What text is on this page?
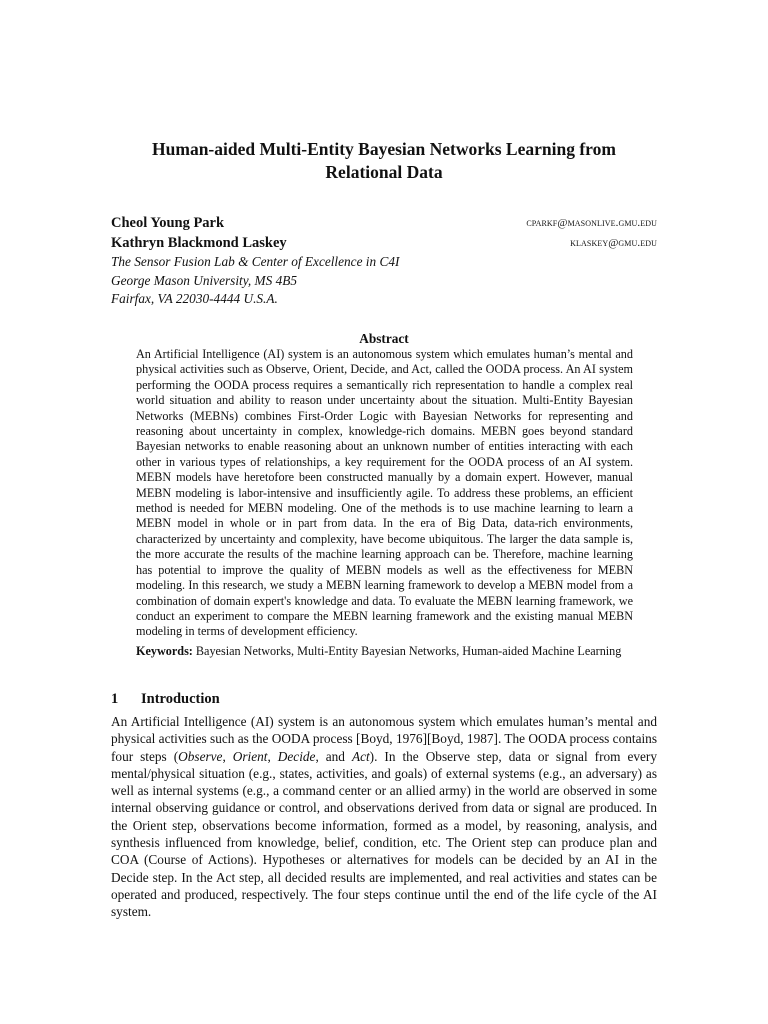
Human-aided Multi-Entity Bayesian Networks Learning from
Relational Data
Cheol Young Park	cparkf@masonlive.gmu.edu
Kathryn Blackmond Laskey	klaskey@gmu.edu
The Sensor Fusion Lab & Center of Excellence in C4I
George Mason University, MS 4B5
Fairfax, VA 22030-4444 U.S.A.
Abstract
An Artificial Intelligence (AI) system is an autonomous system which emulates human’s mental and physical activities such as Observe, Orient, Decide, and Act, called the OODA process. An AI system performing the OODA process requires a semantically rich representation to handle a complex real world situation and ability to reason under uncertainty about the situation. Multi-Entity Bayesian Networks (MEBNs) combines First-Order Logic with Bayesian Networks for representing and reasoning about uncertainty in complex, knowledge-rich domains. MEBN goes beyond standard Bayesian networks to enable reasoning about an unknown number of entities interacting with each other in various types of relationships, a key requirement for the OODA process of an AI system. MEBN models have heretofore been constructed manually by a domain expert. However, manual MEBN modeling is labor-intensive and insufficiently agile. To address these problems, an efficient method is needed for MEBN modeling. One of the methods is to use machine learning to learn a MEBN model in whole or in part from data. In the era of Big Data, data-rich environments, characterized by uncertainty and complexity, have become ubiquitous. The larger the data sample is, the more accurate the results of the machine learning approach can be. Therefore, machine learning has potential to improve the quality of MEBN models as well as the effectiveness for MEBN modeling. In this research, we study a MEBN learning framework to develop a MEBN model from a combination of domain expert's knowledge and data. To evaluate the MEBN learning framework, we conduct an experiment to compare the MEBN learning framework and the existing manual MEBN modeling in terms of development efficiency.
Keywords: Bayesian Networks, Multi-Entity Bayesian Networks, Human-aided Machine Learning
1 Introduction
An Artificial Intelligence (AI) system is an autonomous system which emulates human’s mental and physical activities such as the OODA process [Boyd, 1976][Boyd, 1987]. The OODA process contains four steps (Observe, Orient, Decide, and Act). In the Observe step, data or signal from every mental/physical situation (e.g., states, activities, and goals) of external systems (e.g., an adversary) as well as internal systems (e.g., a command center or an allied army) in the world are observed in some internal observing guidance or control, and observations derived from data or signal are produced. In the Orient step, observations become information, formed as a model, by reasoning, analysis, and synthesis influenced from knowledge, belief, condition, etc. The Orient step can produce plan and COA (Course of Actions). Hypotheses or alternatives for models can be decided by an AI in the Decide step. In the Act step, all decided results are implemented, and real activities and states can be operated and produced, respectively. The four steps continue until the end of the life cycle of the AI system.
